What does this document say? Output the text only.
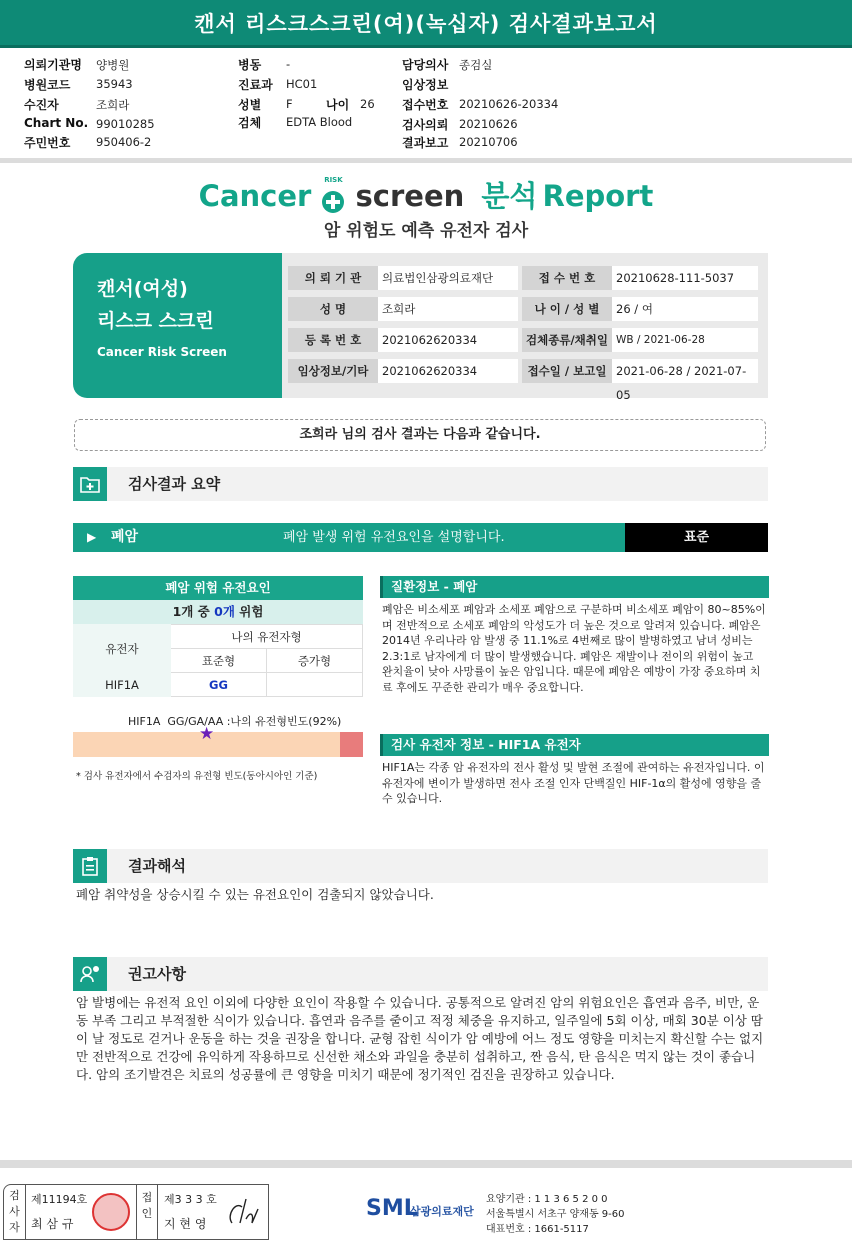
캔서 리스크스크린(여)(녹십자) 검사결과보고서
의뢰기관명 양병원
병원코드 35943
수진자	조희라
Chart No. 99010285
주민번호 950406-2
병동 -
진료과 HC01
성별 F	나이 26
검체 EDTA Blood
담당의사 종검실
임상정보
접수번호 20210626-20334
검사의뢰 20210626
결과보고 20210706
Cancer	RISK screen 분석 Report
암 위험도 예측 유전자 검사
캔서(여성)
리스크 스크린
Cancer Risk Screen
의 뢰 기 관	의료법인삼광의료재단	접 수 번 호	20210628-111-5037
성 명	조희라	나 이 / 성 별	26 / 여
등 록 번 호	2021062620334	검체종류/채취일 WB / 2021-06-28
임상정보/기타	2021062620334	접수일 / 보고일 2021-06-28 / 2021-07-05
조희라 님의 검사 결과는 다음과 같습니다.
검사결과 요약
▶ 폐암	폐암 발생 위험 유전요인을 설명합니다.	표준
폐암 위험 유전요인
1개 중 0개 위험
유전자	나의 유전자형	
	표준형	증가형
HIF1A	GG	
HIF1A  GG/GA/AA :나의 유전형빈도(92%)
★
* 검사 유전자에서 수검자의 유전형 빈도(동아시아인 기준)
질환정보 - 폐암
폐암은 비소세포 폐암과 소세포 폐암으로 구분하며 비소세포 폐암이 80~85%이며 전반적으로 소세포 폐암의 악성도가 더 높은 것으로 알려져 있습니다. 폐암은 2014년 우리나라 암 발생 중 11.1%로 4번째로 많이 발병하였고 남녀 성비는 2.3:1로 남자에게 더 많이 발생했습니다. 폐암은 재발이나 전이의 위험이 높고 완치율이 낮아 사망률이 높은 암입니다. 때문에 폐암은 예방이 가장 중요하며 치료 후에도 꾸준한 관리가 매우 중요합니다.
검사 유전자 정보 - HIF1A 유전자
HIF1A는 각종 암 유전자의 전사 활성 및 발현 조절에 관여하는 유전자입니다. 이 유전자에 변이가 발생하면 전사 조절 인자 단백질인 HIF-1α의 활성에 영향을 줄 수 있습니다.
결과해석
폐암 취약성을 상승시킬 수 있는 유전요인이 검출되지 않았습니다.
권고사항
암 발병에는 유전적 요인 이외에 다양한 요인이 작용할 수 있습니다. 공통적으로 알려진 암의 위험요인은 흡연과 음주, 비만, 운동 부족 그리고 부적절한 식이가 있습니다. 흡연과 음주를 줄이고 적정 체중을 유지하고, 일주일에 5회 이상, 매회 30분 이상 땀이 날 정도로 걷거나 운동을 하는 것을 권장을 합니다. 균형 잡힌 식이가 암 예방에 어느 정도 영향을 미치는지 확신할 수는 없지만 전반적으로 건강에 유익하게 작용하므로 신선한 채소와 과일을 충분히 섭취하고, 짠 음식, 탄 음식은 먹지 않는 것이 좋습니다. 암의 조기발견은 치료의 성공률에 큰 영향을 미치기 때문에 정기적인 검진을 권장하고 있습니다.
검사자
제11194호
최 삼 규
접인
제3 3 3 호
지 현 영
SML
삼광의료재단
요양기관 : 1 1 3 6 5 2 0 0
서울특별시 서초구 양재동 9-60
대표번호 : 1661-5117
